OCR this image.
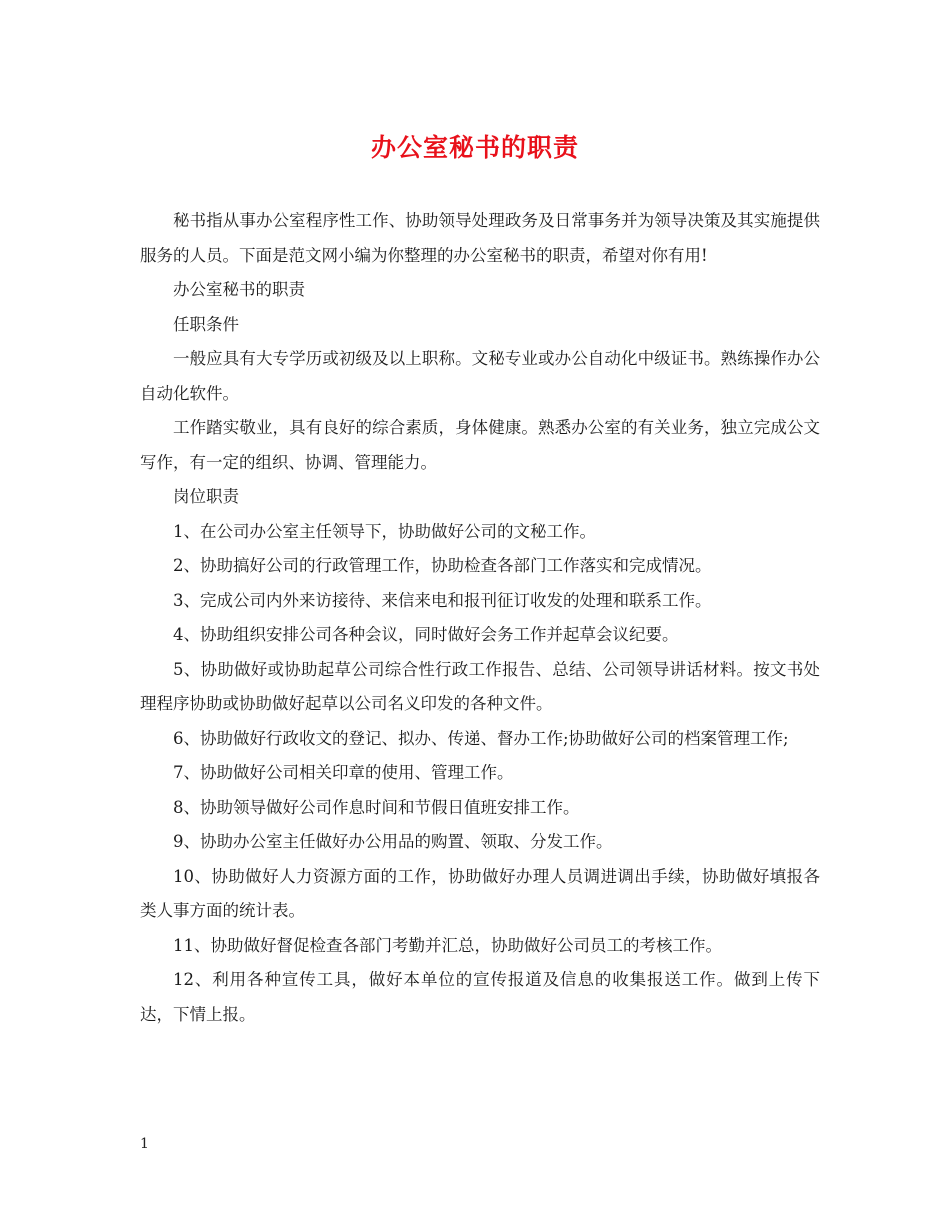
办公室秘书的职责

秘书指从事办公室程序性工作、协助领导处理政务及日常事务并为领导决策及其实施提供服务的人员。下面是范文网小编为你整理的办公室秘书的职责，希望对你有用!

办公室秘书的职责

任职条件

一般应具有大专学历或初级及以上职称。文秘专业或办公自动化中级证书。熟练操作办公自动化软件。

工作踏实敬业，具有良好的综合素质，身体健康。熟悉办公室的有关业务，独立完成公文写作，有一定的组织、协调、管理能力。

岗位职责

1、在公司办公室主任领导下，协助做好公司的文秘工作。

2、协助搞好公司的行政管理工作，协助检查各部门工作落实和完成情况。

3、完成公司内外来访接待、来信来电和报刊征订收发的处理和联系工作。

4、协助组织安排公司各种会议，同时做好会务工作并起草会议纪要。

5、协助做好或协助起草公司综合性行政工作报告、总结、公司领导讲话材料。按文书处理程序协助或协助做好起草以公司名义印发的各种文件。

6、协助做好行政收文的登记、拟办、传递、督办工作;协助做好公司的档案管理工作;

7、协助做好公司相关印章的使用、管理工作。

8、协助领导做好公司作息时间和节假日值班安排工作。

9、协助办公室主任做好办公用品的购置、领取、分发工作。

10、协助做好人力资源方面的工作，协助做好办理人员调进调出手续，协助做好填报各类人事方面的统计表。

11、协助做好督促检查各部门考勤并汇总，协助做好公司员工的考核工作。

12、利用各种宣传工具，做好本单位的宣传报道及信息的收集报送工作。做到上传下达，下情上报。

1
